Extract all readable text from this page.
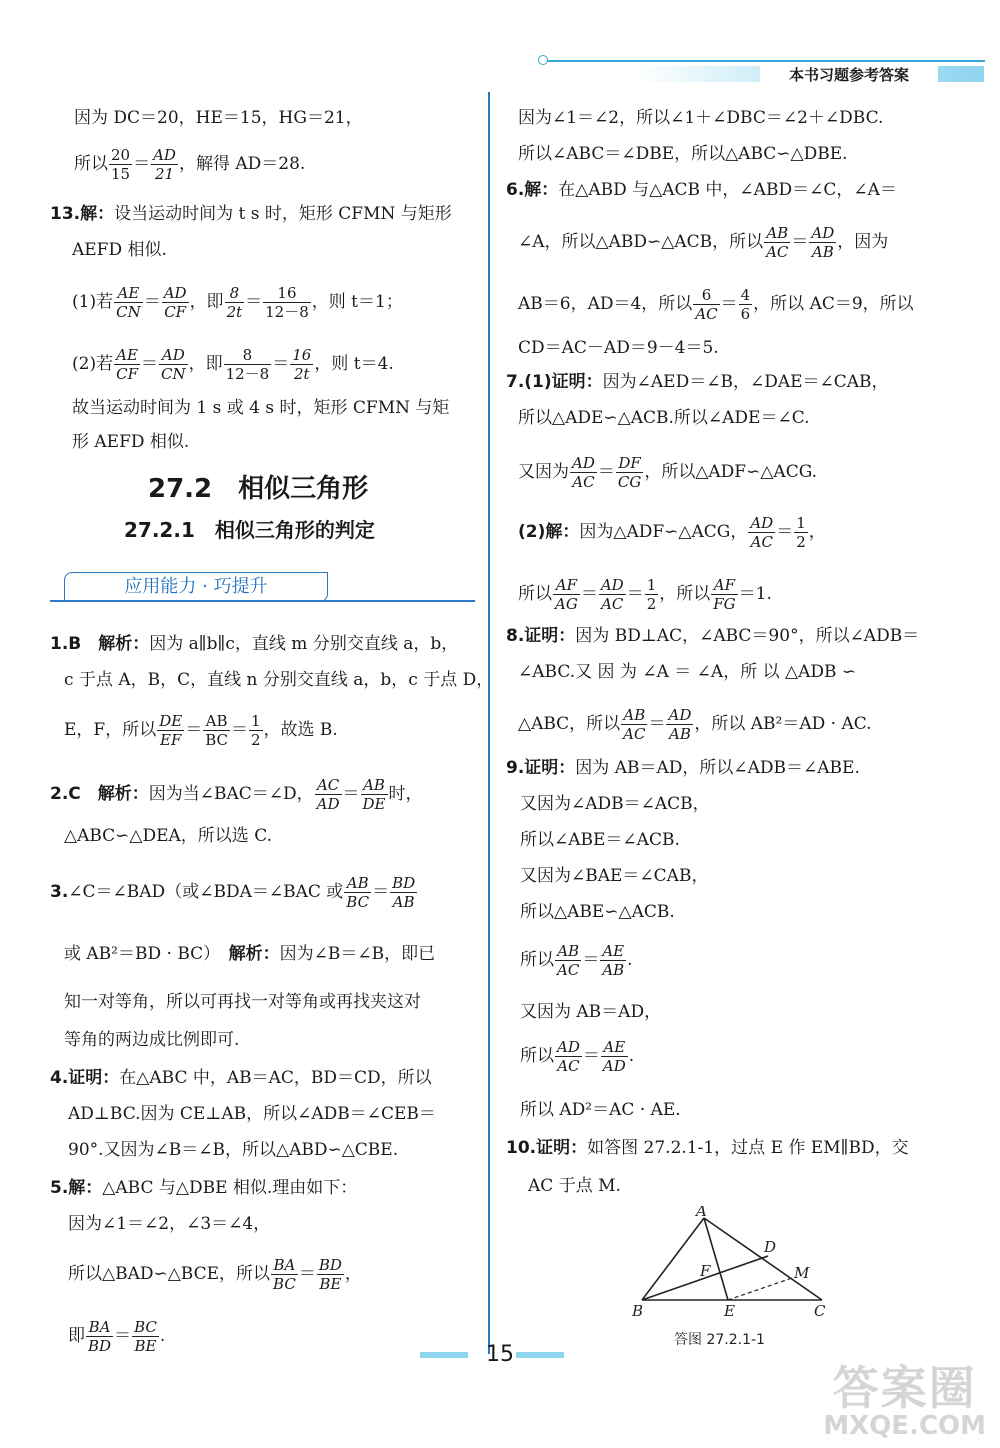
本书习题参考答案
因为 DC＝20，HE＝15，HG＝21，
所以 $\frac{20}{15} = \frac{AD}{21}$ ，解得 AD＝28.
13.解：设当运动时间为 t s 时，矩形 CFMN 与矩形
AEFD 相似.
(1)若 $\frac{AE}{CN} = \frac{AD}{CF}$ ，即 $\frac{8}{2t} = \frac{16}{12-8}$ ，则 t＝1；
(2)若 $\frac{AE}{CF} = \frac{AD}{CN}$ ，即 $\frac{8}{12-8} = \frac{16}{2t}$ ，则 t＝4.
故当运动时间为 1 s 或 4 s 时，矩形 CFMN 与矩
形 AEFD 相似.
27.2　相似三角形
27.2.1　相似三角形的判定
应用能力 · 巧提升
1.B　 解析：因为 a∥b∥c，直线 m 分别交直线 a，b，
c 于点 A，B，C，直线 n 分别交直线 a，b，c 于点 D，
E，F，所以 $\frac{DE}{EF} = \frac{AB}{BC} = \frac{1}{2}$ ，故选 B.
2.C　 解析：因为当∠BAC＝∠D， $\frac{AC}{AD} = \frac{AB}{DE}$ 时，
△ABC∽△DEA，所以选 C.
3.∠C＝∠BAD（或∠BDA＝∠BAC 或 $\frac{AB}{BC} = \frac{BD}{AB}$
或 AB²＝BD · BC）　 解析：因为∠B＝∠B，即已
知一对等角，所以可再找一对等角或再找夹这对
等角的两边成比例即可.
4.证明：在△ABC 中，AB＝AC，BD＝CD，所以
AD⊥BC.因为 CE⊥AB，所以∠ADB＝∠CEB＝
90°.又因为∠B＝∠B，所以△ABD∽△CBE.
5.解：△ABC 与△DBE 相似.理由如下：
因为∠1＝∠2，∠3＝∠4，
所以△BAD∽△BCE，所以 $\frac{BA}{BC} = \frac{BD}{BE}$ ，
即 $\frac{BA}{BD} = \frac{BC}{BE}$ .
因为∠1＝∠2，所以∠1＋∠DBC＝∠2＋∠DBC.
所以∠ABC＝∠DBE，所以△ABC∽△DBE.
6.解：在△ABD 与△ACB 中，∠ABD＝∠C，∠A＝
∠A，所以△ABD∽△ACB，所以 $\frac{AB}{AC} = \frac{AD}{AB}$ ，因为
AB＝6，AD＝4，所以 $\frac{6}{AC} = \frac{4}{6}$ ，所以 AC＝9，所以
CD＝AC－AD＝9－4＝5.
7.(1)证明：因为∠AED＝∠B，∠DAE＝∠CAB，
所以△ADE∽△ACB.所以∠ADE＝∠C.
又因为 $\frac{AD}{AC} = \frac{DF}{CG}$ ，所以△ADF∽△ACG.
(2)解：因为△ADF∽△ACG， $\frac{AD}{AC} = \frac{1}{2}$ ，
所以 $\frac{AF}{AG} = \frac{AD}{AC} = \frac{1}{2}$ ，所以 $\frac{AF}{FG} =1$.
8.证明：因为 BD⊥AC，∠ABC＝90°，所以∠ADB＝
∠ABC.又 因 为 ∠A ＝ ∠A，所 以 △ADB ∽
△ABC，所以 $\frac{AB}{AC} = \frac{AD}{AB}$ ，所以 AB²＝AD · AC.
9.证明：因为 AB＝AD，所以∠ADB＝∠ABE.
又因为∠ADB＝∠ACB，
所以∠ABE＝∠ACB.
又因为∠BAE＝∠CAB，
所以△ABE∽△ACB.
所以 $\frac{AB}{AC} = \frac{AE}{AB}$ .
又因为 AB＝AD，
所以 $\frac{AD}{AC} = \frac{AE}{AD}$ .
所以 AD²＝AC · AE.
10.证明：如答图 27.2.1-1，过点 E 作 EM∥BD，交
AC 于点 M.
A
B	C
D
E
F	M
答图 27.2.1-1
15
答案圈
MXQE.COM
